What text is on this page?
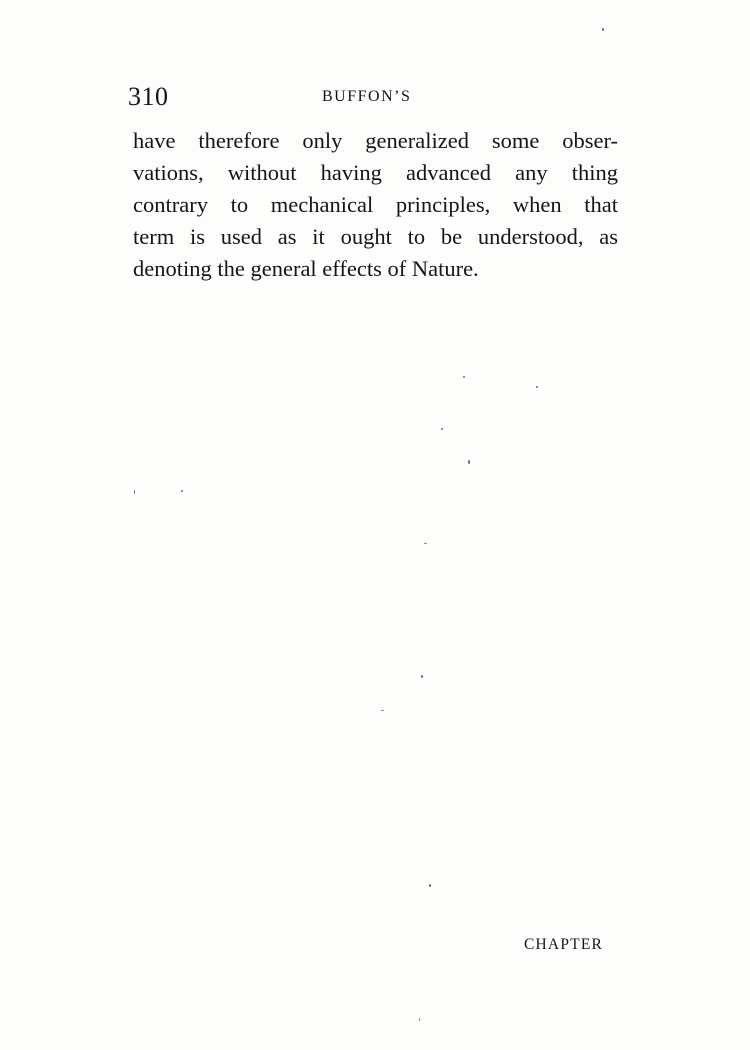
310	BUFFON’S
have therefore only generalized some obser-
vations, without having advanced any thing
contrary to mechanical principles, when that
term is used as it ought to be understood, as
denoting the general effects of Nature.
CHAPTER
